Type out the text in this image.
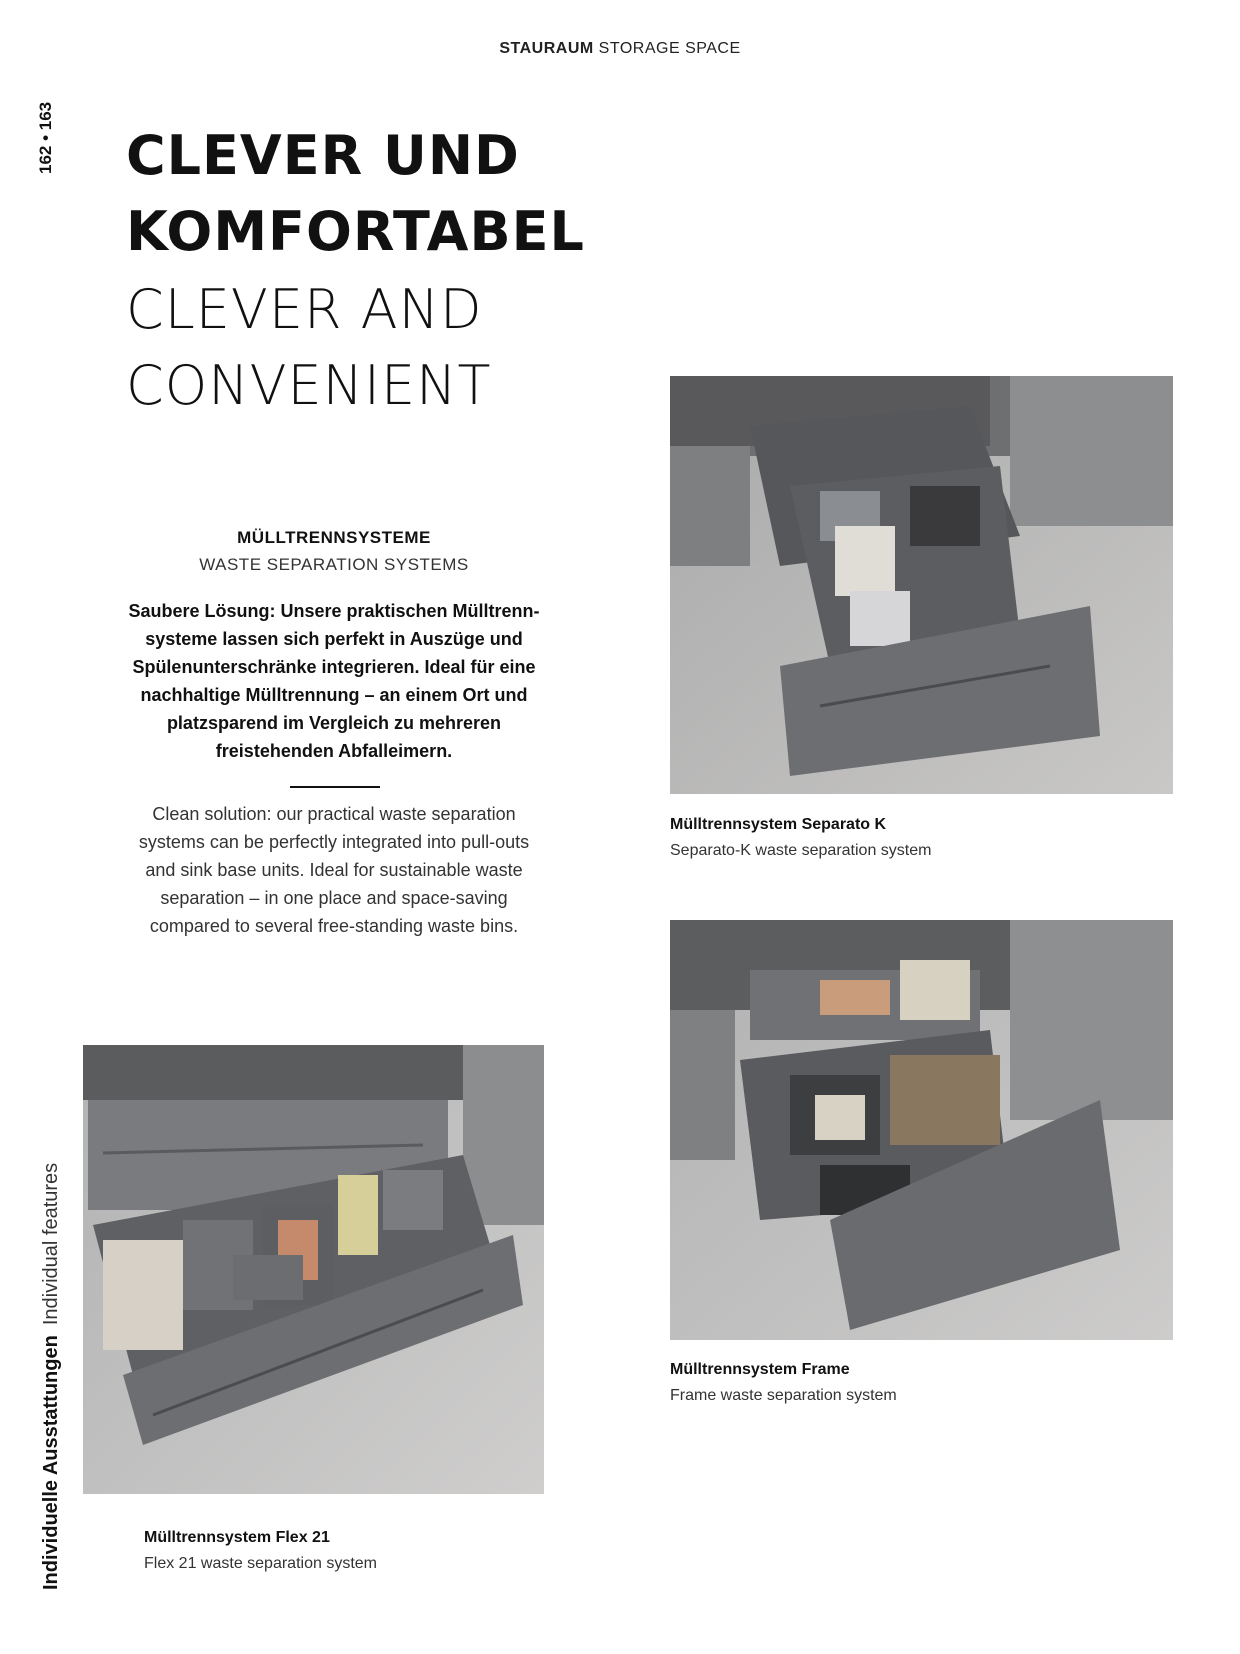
STAURAUM STORAGE SPACE
162 • 163
Individuelle AusstattungenIndividual features
CLEVER UND
KOMFORTABEL
CLEVER AND
CONVENIENT
MÜLLTRENNSYSTEME
WASTE SEPARATION SYSTEMS
Saubere Lösung: Unsere praktischen Mülltrenn-systeme lassen sich perfekt in Auszüge und Spülenunterschränke integrieren. Ideal für eine nachhaltige Mülltrennung – an einem Ort und platzsparend im Vergleich zu mehreren freistehenden Abfalleimern.
Clean solution: our practical waste separation systems can be perfectly integrated into pull-outs and sink base units. Ideal for sustainable waste separation – in one place and space-saving compared to several free-standing waste bins.
Mülltrennsystem Separato K
Separato-K waste separation system
Mülltrennsystem Frame
Frame waste separation system
Mülltrennsystem Flex 21
Flex 21 waste separation system
